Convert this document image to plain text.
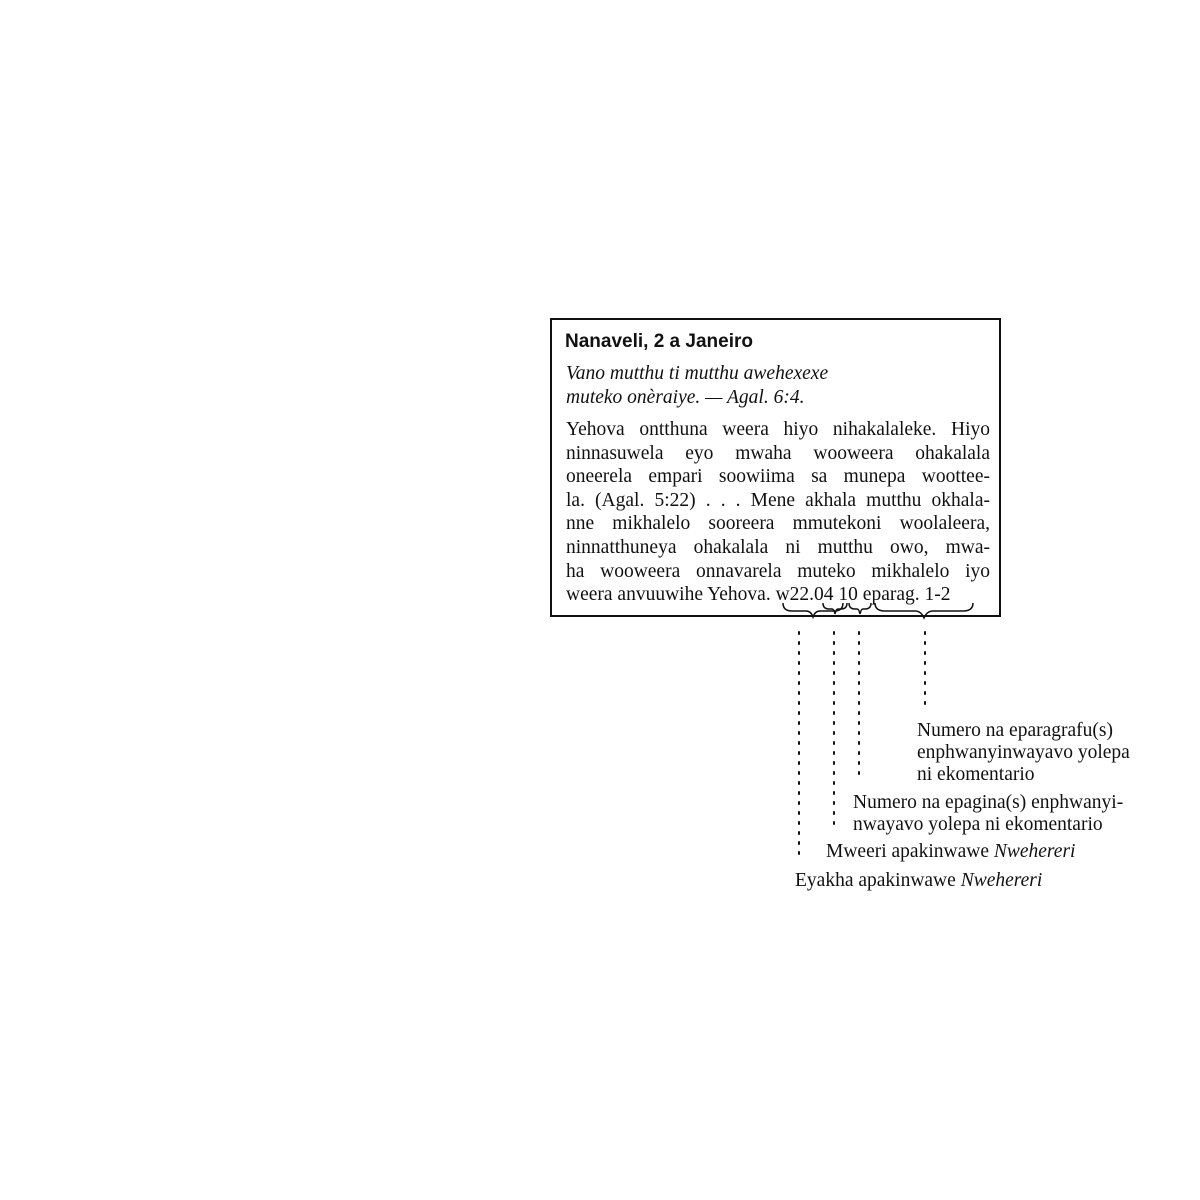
Nanaveli, 2 a Janeiro
Vano mutthu ti mutthu awehexexe
muteko onèraiye. — Agal. 6:4.
Yehova ontthuna weera hiyo nihakalaleke. Hiyo
ninnasuwela eyo mwaha wooweera ohakalala
oneerela empari soowiima sa munepa woottee-
la. (Agal. 5:22) . . . Mene akhala mutthu okhala-
nne mikhalelo sooreera mmutekoni woolaleera,
ninnatthuneya ohakalala ni mutthu owo, mwa-
ha wooweera onnavarela muteko mikhalelo iyo
weera anvuuwihe Yehova. w22.04 10 eparag. 1-2
Numero na eparagrafu(s)
enphwanyinwayavo yolepa
ni ekomentario
Numero na epagina(s) enphwanyi-
nwayavo yolepa ni ekomentario
Mweeri apakinwawe Nwehereri
Eyakha apakinwawe Nwehereri
